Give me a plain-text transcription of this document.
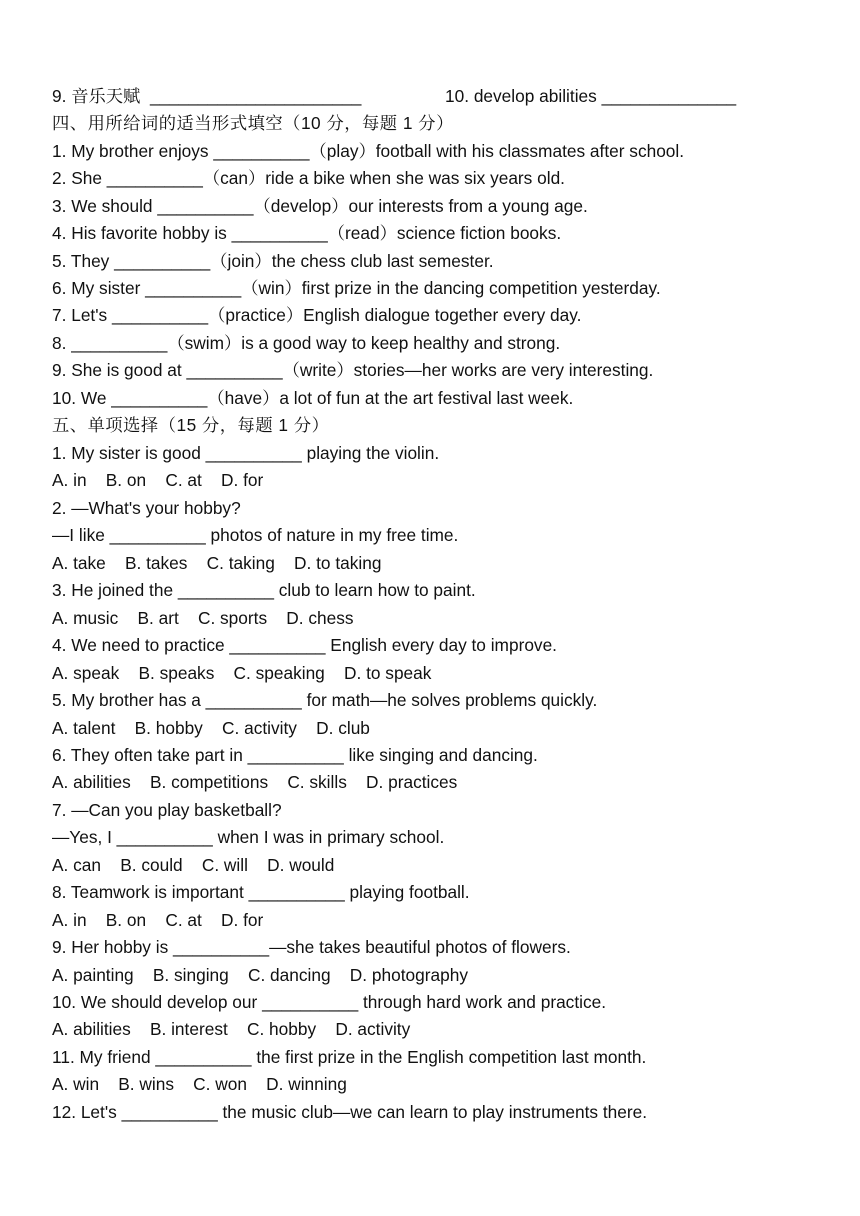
9. 音乐天赋  ______________________	10. develop abilities ______________
四、用所给词的适当形式填空（10 分，每题 1 分）
1. My brother enjoys __________（play）football with his classmates after school.
2. She __________（can）ride a bike when she was six years old.
3. We should __________（develop）our interests from a young age.
4. His favorite hobby is __________（read）science fiction books.
5. They __________（join）the chess club last semester.
6. My sister __________（win）first prize in the dancing competition yesterday.
7. Let's __________（practice）English dialogue together every day.
8. __________（swim）is a good way to keep healthy and strong.
9. She is good at __________（write）stories—her works are very interesting.
10. We __________（have）a lot of fun at the art festival last week.
五、单项选择（15 分，每题 1 分）
1. My sister is good __________ playing the violin.
A. in    B. on    C. at    D. for
2. —What's your hobby?
—I like __________ photos of nature in my free time.
A. take    B. takes    C. taking    D. to taking
3. He joined the __________ club to learn how to paint.
A. music    B. art    C. sports    D. chess
4. We need to practice __________ English every day to improve.
A. speak    B. speaks    C. speaking    D. to speak
5. My brother has a __________ for math—he solves problems quickly.
A. talent    B. hobby    C. activity    D. club
6. They often take part in __________ like singing and dancing.
A. abilities    B. competitions    C. skills    D. practices
7. —Can you play basketball?
—Yes, I __________ when I was in primary school.
A. can    B. could    C. will    D. would
8. Teamwork is important __________ playing football.
A. in    B. on    C. at    D. for
9. Her hobby is __________—she takes beautiful photos of flowers.
A. painting    B. singing    C. dancing    D. photography
10. We should develop our __________ through hard work and practice.
A. abilities    B. interest    C. hobby    D. activity
11. My friend __________ the first prize in the English competition last month.
A. win    B. wins    C. won    D. winning
12. Let's __________ the music club—we can learn to play instruments there.
